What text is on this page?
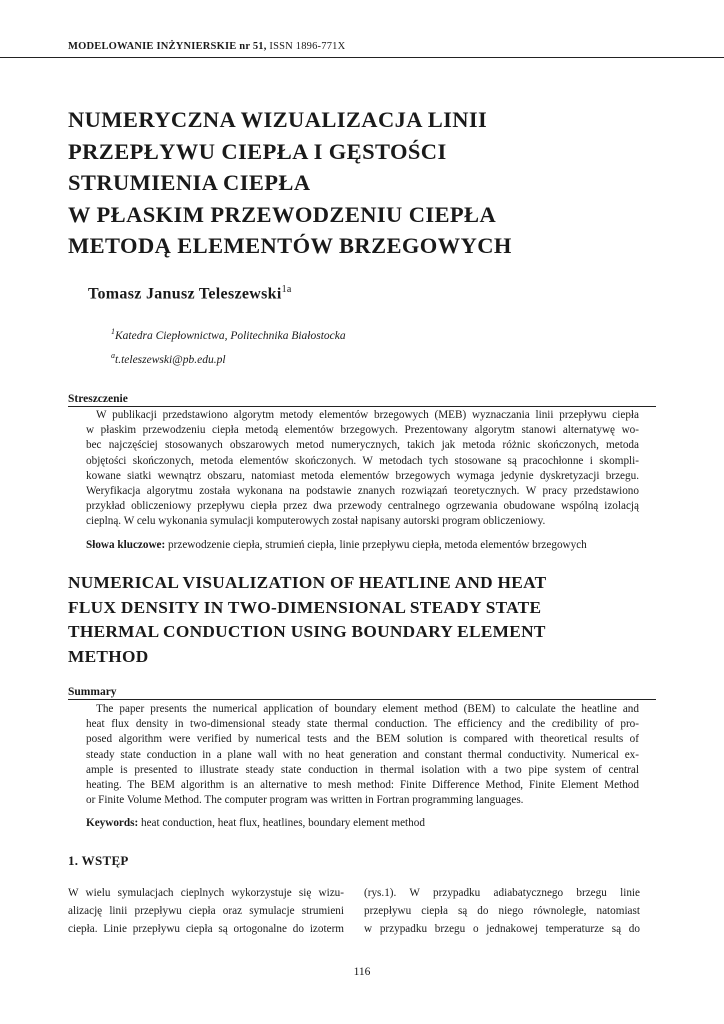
MODELOWANIE INŻYNIERSKIE nr 51, ISSN 1896-771X
NUMERYCZNA WIZUALIZACJA LINII
PRZEPŁYWU CIEPŁA I GĘSTOŚCI
STRUMIENIA CIEPŁA
W PŁASKIM PRZEWODZENIU CIEPŁA
METODĄ ELEMENTÓW BRZEGOWYCH
Tomasz Janusz Teleszewski$^{1a}$
$^1$Katedra Ciepłownictwa, Politechnika Białostocka
$^a$t.teleszewski@pb.edu.pl
Streszczenie
W publikacji przedstawiono algorytm metody elementów brzegowych (MEB) wyznaczania linii przepływu ciepła
w płaskim przewodzeniu ciepła metodą elementów brzegowych. Prezentowany algorytm stanowi alternatywę wo-
bec najczęściej stosowanych obszarowych metod numerycznych, takich jak metoda różnic skończonych, metoda
objętości skończonych, metoda elementów skończonych. W metodach tych stosowane są pracochłonne i skompli-
kowane siatki wewnątrz obszaru, natomiast metoda elementów brzegowych wymaga jedynie dyskretyzacji brzegu.
Weryfikacja algorytmu została wykonana na podstawie znanych rozwiązań teoretycznych. W pracy przedstawiono
przykład obliczeniowy przepływu ciepła przez dwa przewody centralnego ogrzewania obudowane wspólną izolacją
cieplną. W celu wykonania symulacji komputerowych został napisany autorski program obliczeniowy.
Słowa kluczowe: przewodzenie ciepła, strumień ciepła, linie przepływu ciepła, metoda elementów brzegowych
NUMERICAL VISUALIZATION OF HEATLINE AND HEAT
FLUX DENSITY IN TWO-DIMENSIONAL STEADY STATE
THERMAL CONDUCTION USING BOUNDARY ELEMENT
METHOD
Summary
The paper presents the numerical application of boundary element method (BEM) to calculate the heatline and
heat flux density in two-dimensional steady state thermal conduction. The efficiency and the credibility of pro-
posed algorithm were verified by numerical tests and the BEM solution is compared with theoretical results of
steady state conduction in a plane wall with no heat generation and constant thermal conductivity. Numerical ex-
ample is presented to illustrate steady state conduction in thermal isolation with a two pipe system of central
heating. The BEM algorithm is an alternative to mesh method: Finite Difference Method, Finite Element Method
or Finite Volume Method. The computer program was written in Fortran programming languages.
Keywords: heat conduction, heat flux, heatlines, boundary element method
1. WSTĘP
W wielu symulacjach cieplnych wykorzystuje się wizu-
alizację linii przepływu ciepła oraz symulacje strumieni
ciepła. Linie przepływu ciepła są ortogonalne do izoterm
(rys.1). W przypadku adiabatycznego brzegu linie
przepływu ciepła są do niego równoległe, natomiast
w przypadku brzegu o jednakowej temperaturze są do
116
